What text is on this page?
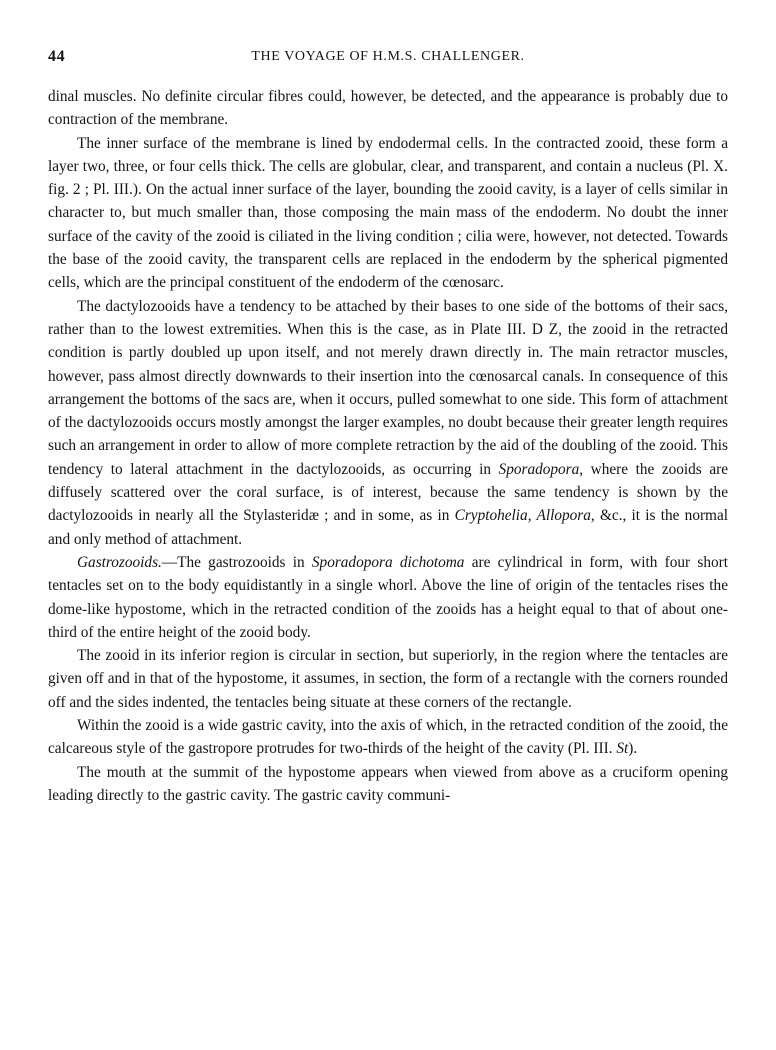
44	THE VOYAGE OF H.M.S. CHALLENGER.

dinal muscles. No definite circular fibres could, however, be detected, and the appearance is probably due to contraction of the membrane.

The inner surface of the membrane is lined by endodermal cells. In the contracted zooid, these form a layer two, three, or four cells thick. The cells are globular, clear, and transparent, and contain a nucleus (Pl. X. fig. 2 ; Pl. III.). On the actual inner surface of the layer, bounding the zooid cavity, is a layer of cells similar in character to, but much smaller than, those composing the main mass of the endoderm. No doubt the inner surface of the cavity of the zooid is ciliated in the living condition ; cilia were, however, not detected. Towards the base of the zooid cavity, the transparent cells are replaced in the endoderm by the spherical pigmented cells, which are the principal constituent of the endoderm of the cœnosarc.

The dactylozooids have a tendency to be attached by their bases to one side of the bottoms of their sacs, rather than to the lowest extremities. When this is the case, as in Plate III. D Z, the zooid in the retracted condition is partly doubled up upon itself, and not merely drawn directly in. The main retractor muscles, however, pass almost directly downwards to their insertion into the cœnosarcal canals. In consequence of this arrangement the bottoms of the sacs are, when it occurs, pulled somewhat to one side. This form of attachment of the dactylozooids occurs mostly amongst the larger examples, no doubt because their greater length requires such an arrangement in order to allow of more complete retraction by the aid of the doubling of the zooid. This tendency to lateral attachment in the dactylozooids, as occurring in Sporadopora, where the zooids are diffusely scattered over the coral surface, is of interest, because the same tendency is shown by the dactylozooids in nearly all the Stylasteridæ ; and in some, as in Cryptohelia, Allopora, &c., it is the normal and only method of attachment.

Gastrozooids.—The gastrozooids in Sporadopora dichotoma are cylindrical in form, with four short tentacles set on to the body equidistantly in a single whorl. Above the line of origin of the tentacles rises the dome-like hypostome, which in the retracted condition of the zooids has a height equal to that of about one-third of the entire height of the zooid body.

The zooid in its inferior region is circular in section, but superiorly, in the region where the tentacles are given off and in that of the hypostome, it assumes, in section, the form of a rectangle with the corners rounded off and the sides indented, the tentacles being situate at these corners of the rectangle.

Within the zooid is a wide gastric cavity, into the axis of which, in the retracted condition of the zooid, the calcareous style of the gastropore protrudes for two-thirds of the height of the cavity (Pl. III. St).

The mouth at the summit of the hypostome appears when viewed from above as a cruciform opening leading directly to the gastric cavity. The gastric cavity communi-
